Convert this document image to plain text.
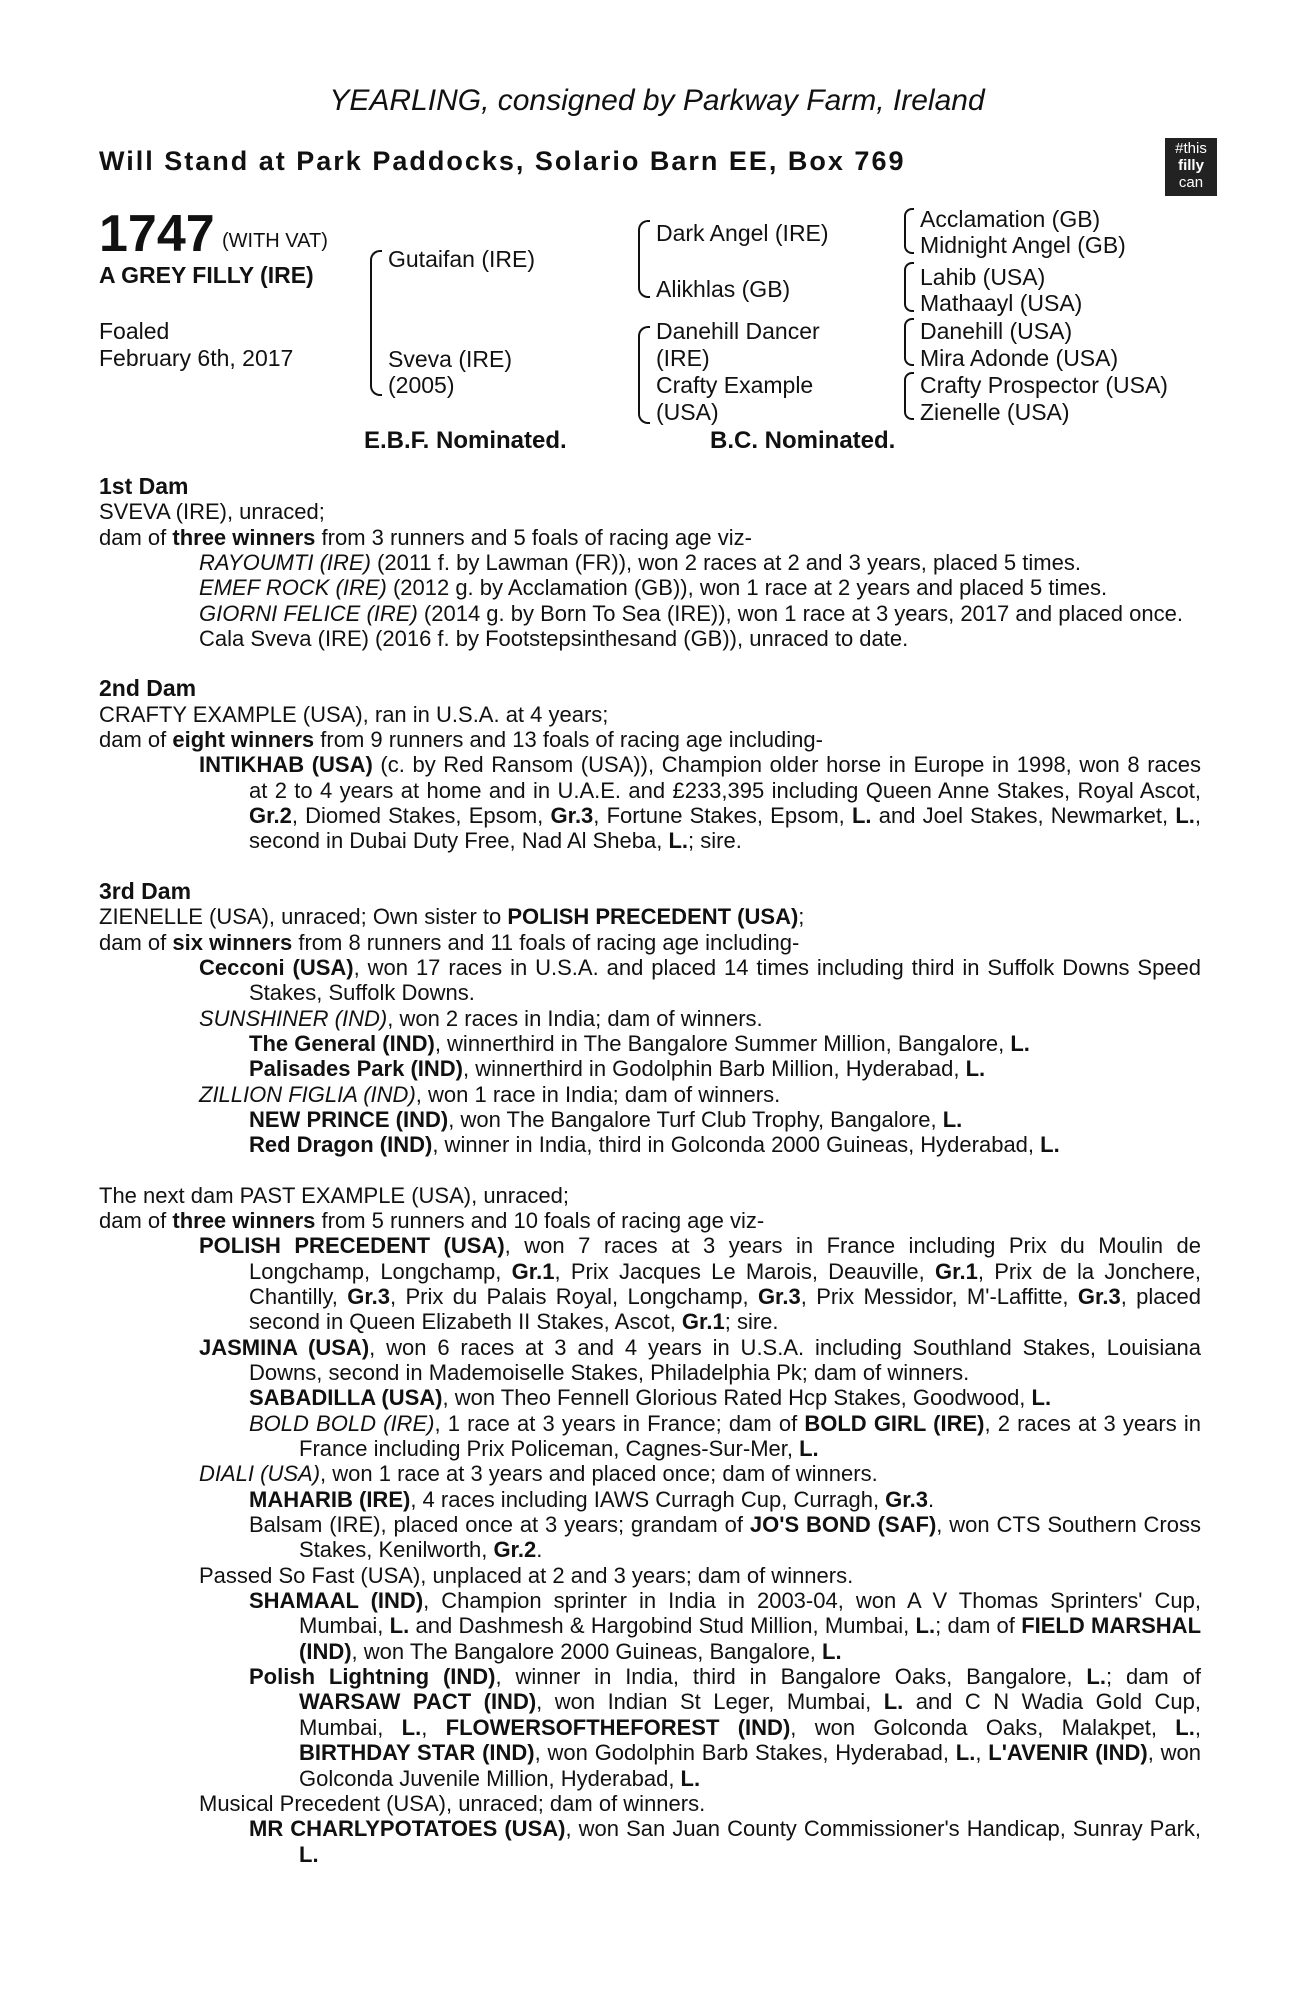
YEARLING, consigned by Parkway Farm, Ireland
Will Stand at Park Paddocks, Solario Barn EE, Box 769	#this
filly
can
1747 (WITH VAT)
A GREY FILLY (IRE)
Foaled
February 6th, 2017
Gutaifan (IRE)
Sveva (IRE)
(2005)
Dark Angel (IRE)
Alikhlas (GB)
Danehill Dancer
(IRE)
Crafty Example
(USA)
Acclamation (GB)
Midnight Angel (GB)
Lahib (USA)
Mathaayl (USA)
Danehill (USA)
Mira Adonde (USA)
Crafty Prospector (USA)
Zienelle (USA)
E.B.F. Nominated.	B.C. Nominated.

1st Dam

SVEVA (IRE), unraced;

dam of three winners from 3 runners and 5 foals of racing age viz-

RAYOUMTI (IRE) (2011 f. by Lawman (FR)), won 2 races at 2 and 3 years, placed 5 times.

EMEF ROCK (IRE) (2012 g. by Acclamation (GB)), won 1 race at 2 years and placed 5 times.

GIORNI FELICE (IRE) (2014 g. by Born To Sea (IRE)), won 1 race at 3 years, 2017 and placed once.

Cala Sveva (IRE) (2016 f. by Footstepsinthesand (GB)), unraced to date.

2nd Dam

CRAFTY EXAMPLE (USA), ran in U.S.A. at 4 years;

dam of eight winners from 9 runners and 13 foals of racing age including-

INTIKHAB (USA) (c. by Red Ransom (USA)), Champion older horse in Europe in 1998, won 8 races at 2 to 4 years at home and in U.A.E. and £233,395 including Queen Anne Stakes, Royal Ascot, Gr.2, Diomed Stakes, Epsom, Gr.3, Fortune Stakes, Epsom, L. and Joel Stakes, Newmarket, L., second in Dubai Duty Free, Nad Al Sheba, L.; sire.

3rd Dam

ZIENELLE (USA), unraced; Own sister to POLISH PRECEDENT (USA);

dam of six winners from 8 runners and 11 foals of racing age including-

Cecconi (USA), won 17 races in U.S.A. and placed 14 times including third in Suffolk Downs Speed Stakes, Suffolk Downs.

SUNSHINER (IND), won 2 races in India; dam of winners.

The General (IND), winnerthird in The Bangalore Summer Million, Bangalore, L.

Palisades Park (IND), winnerthird in Godolphin Barb Million, Hyderabad, L.

ZILLION FIGLIA (IND), won 1 race in India; dam of winners.

NEW PRINCE (IND), won The Bangalore Turf Club Trophy, Bangalore, L.

Red Dragon (IND), winner in India, third in Golconda 2000 Guineas, Hyderabad, L.

The next dam PAST EXAMPLE (USA), unraced;

dam of three winners from 5 runners and 10 foals of racing age viz-

POLISH PRECEDENT (USA), won 7 races at 3 years in France including Prix du Moulin de Longchamp, Longchamp, Gr.1, Prix Jacques Le Marois, Deauville, Gr.1, Prix de la Jonchere, Chantilly, Gr.3, Prix du Palais Royal, Longchamp, Gr.3, Prix Messidor, M'-Laffitte, Gr.3, placed second in Queen Elizabeth II Stakes, Ascot, Gr.1; sire.

JASMINA (USA), won 6 races at 3 and 4 years in U.S.A. including Southland Stakes, Louisiana Downs, second in Mademoiselle Stakes, Philadelphia Pk; dam of winners.

SABADILLA (USA), won Theo Fennell Glorious Rated Hcp Stakes, Goodwood, L.

BOLD BOLD (IRE), 1 race at 3 years in France; dam of BOLD GIRL (IRE), 2 races at 3 years in France including Prix Policeman, Cagnes-Sur-Mer, L.

DIALI (USA), won 1 race at 3 years and placed once; dam of winners.

MAHARIB (IRE), 4 races including IAWS Curragh Cup, Curragh, Gr.3.

Balsam (IRE), placed once at 3 years; grandam of JO'S BOND (SAF), won CTS Southern Cross Stakes, Kenilworth, Gr.2.

Passed So Fast (USA), unplaced at 2 and 3 years; dam of winners.

SHAMAAL (IND), Champion sprinter in India in 2003-04, won A V Thomas Sprinters' Cup, Mumbai, L. and Dashmesh & Hargobind Stud Million, Mumbai, L.; dam of FIELD MARSHAL (IND), won The Bangalore 2000 Guineas, Bangalore, L.

Polish Lightning (IND), winner in India, third in Bangalore Oaks, Bangalore, L.; dam of WARSAW PACT (IND), won Indian St Leger, Mumbai, L. and C N Wadia Gold Cup, Mumbai, L., FLOWERSOFTHEFOREST (IND), won Golconda Oaks, Malakpet, L., BIRTHDAY STAR (IND), won Godolphin Barb Stakes, Hyderabad, L., L'AVENIR (IND), won Golconda Juvenile Million, Hyderabad, L.

Musical Precedent (USA), unraced; dam of winners.

MR CHARLYPOTATOES (USA), won San Juan County Commissioner's Handicap, Sunray Park, L.
